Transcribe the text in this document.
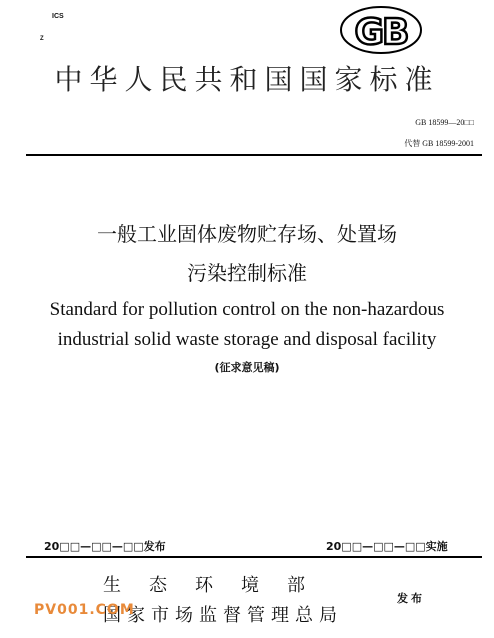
ICS
Z	GB
中华人民共和国国家标准
GB 18599—20□□
代替 GB 18599-2001
一般工业固体废物贮存场、处置场
污染控制标准
Standard for pollution control on the non-hazardous
industrial solid waste storage and disposal facility
(征求意见稿)
20□□—□□—□□发布	20□□—□□—□□实施
生态环境部
国家市场监督管理总局
发布
PV001.COM
